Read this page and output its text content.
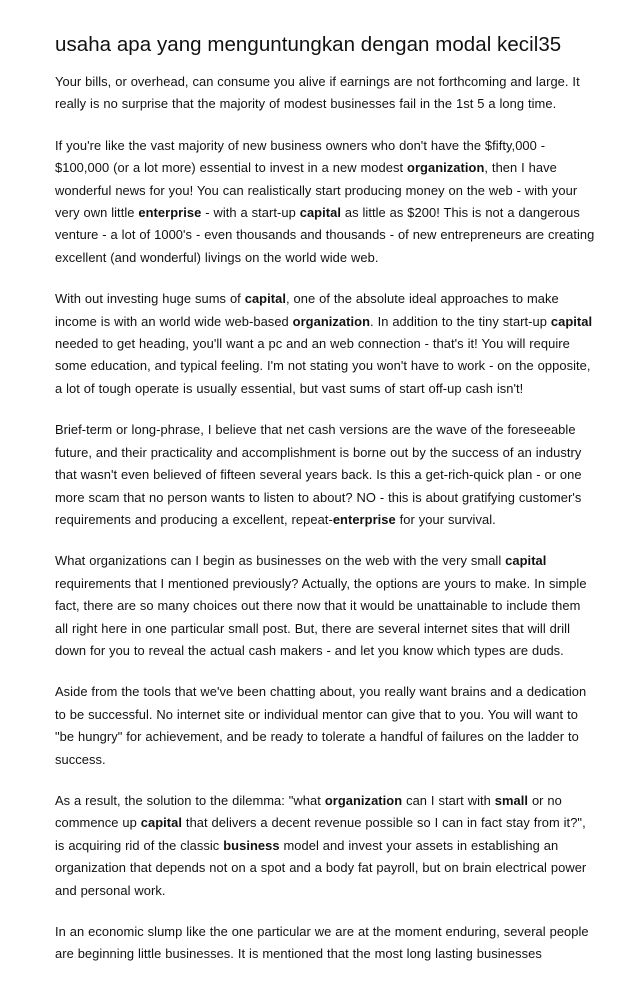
usaha apa yang menguntungkan dengan modal kecil35

Your bills, or overhead, can consume you alive if earnings are not forthcoming and large. It really is no surprise that the majority of modest businesses fail in the 1st 5 a long time.

If you're like the vast majority of new business owners who don't have the $fifty,000 - $100,000 (or a lot more) essential to invest in a new modest organization, then I have wonderful news for you! You can realistically start producing money on the web - with your very own little enterprise - with a start-up capital as little as $200! This is not a dangerous venture - a lot of 1000's - even thousands and thousands - of new entrepreneurs are creating excellent (and wonderful) livings on the world wide web.

With out investing huge sums of capital, one of the absolute ideal approaches to make income is with an world wide web-based organization. In addition to the tiny start-up capital needed to get heading, you'll want a pc and an web connection - that's it! You will require some education, and typical feeling. I'm not stating you won't have to work - on the opposite, a lot of tough operate is usually essential, but vast sums of start off-up cash isn't!

Brief-term or long-phrase, I believe that net cash versions are the wave of the foreseeable future, and their practicality and accomplishment is borne out by the success of an industry that wasn't even believed of fifteen several years back. Is this a get-rich-quick plan - or one more scam that no person wants to listen to about? NO - this is about gratifying customer's requirements and producing a excellent, repeat-enterprise for your survival.

What organizations can I begin as businesses on the web with the very small capital requirements that I mentioned previously? Actually, the options are yours to make. In simple fact, there are so many choices out there now that it would be unattainable to include them all right here in one particular small post. But, there are several internet sites that will drill down for you to reveal the actual cash makers - and let you know which types are duds.

Aside from the tools that we've been chatting about, you really want brains and a dedication to be successful. No internet site or individual mentor can give that to you. You will want to "be hungry" for achievement, and be ready to tolerate a handful of failures on the ladder to success.

As a result, the solution to the dilemma: "what organization can I start with small or no commence up capital that delivers a decent revenue possible so I can in fact stay from it?", is acquiring rid of the classic business model and invest your assets in establishing an organization that depends not on a spot and a body fat payroll, but on brain electrical power and personal work.

In an economic slump like the one particular we are at the moment enduring, several people are beginning little businesses. It is mentioned that the most long lasting businesses
